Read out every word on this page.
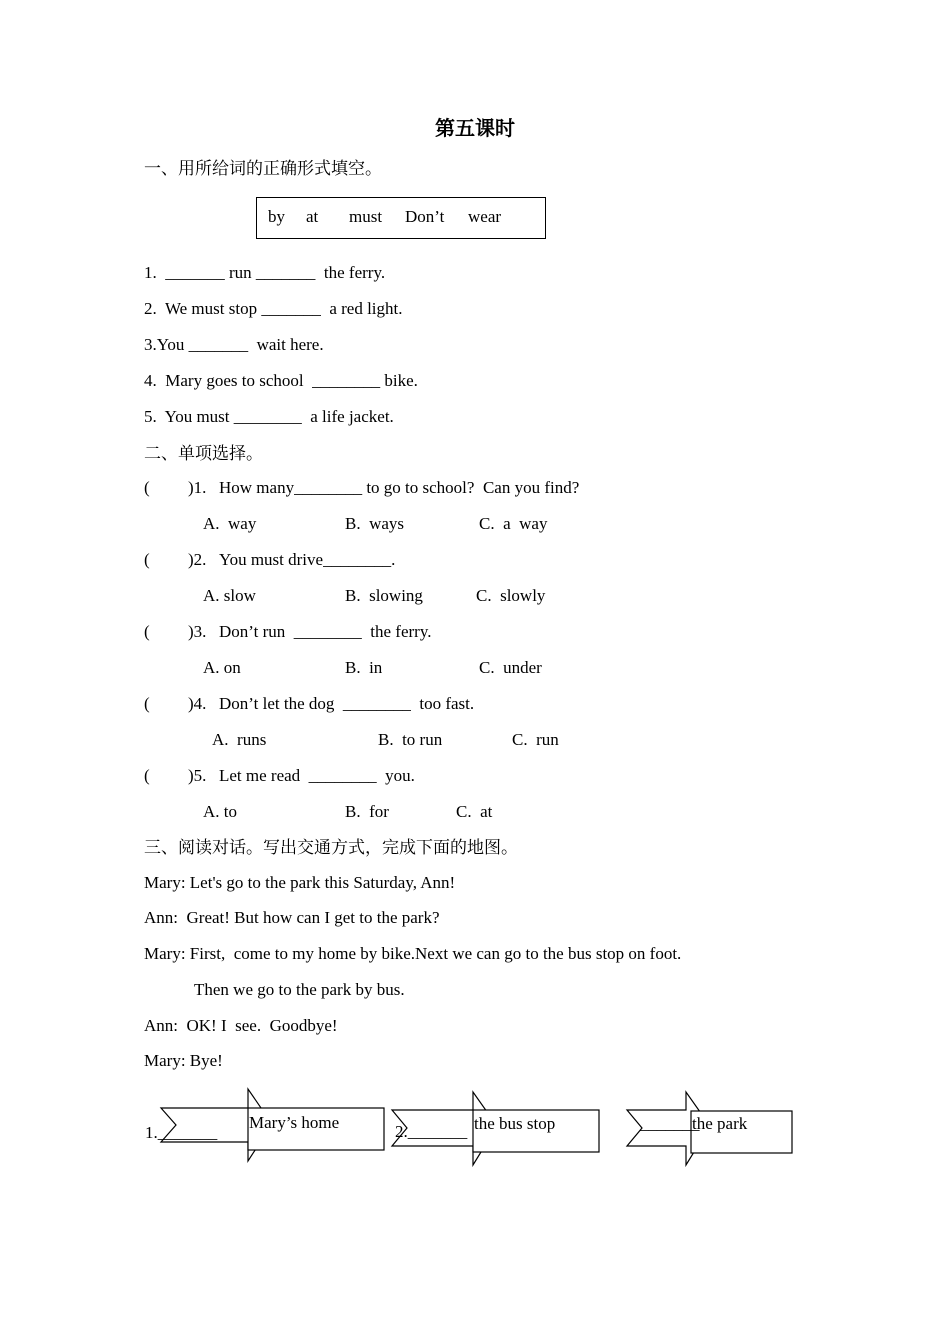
第五课时
一、用所给词的正确形式填空。
by at must Don’t wear
1.  _______ run _______  the ferry.
2.  We must stop _______  a red light.
3.You _______  wait here.
4.  Mary goes to school  ________ bike.
5.  You must ________  a life jacket.
二、单项选择。
( )1. How many________ to go to school?  Can you find?
A.  way	B.  ways	C.  a  way
( )2. You must drive________.
A. slow	B.  slowing	C.  slowly
( )3. Don’t run  ________  the ferry.
A. on	B.  in	C.  under
( )4. Don’t let the dog  ________  too fast.
A.  runs	B.  to run	C.  run
( )5. Let me read  ________  you.
A. to	B.  for	C.  at
三、阅读对话。写出交通方式，完成下面的地图。
Mary: Let's go to the park this Saturday, Ann!
Ann:  Great! But how can I get to the park?
Mary: First,  come to my home by bike.Next we can go to the bus stop on foot.
Then we go to the park by bus.
Ann:  OK! I  see.  Goodbye!
Mary: Bye!
1._______
Mary’s home	2._______ the bus stop	_______
the park
